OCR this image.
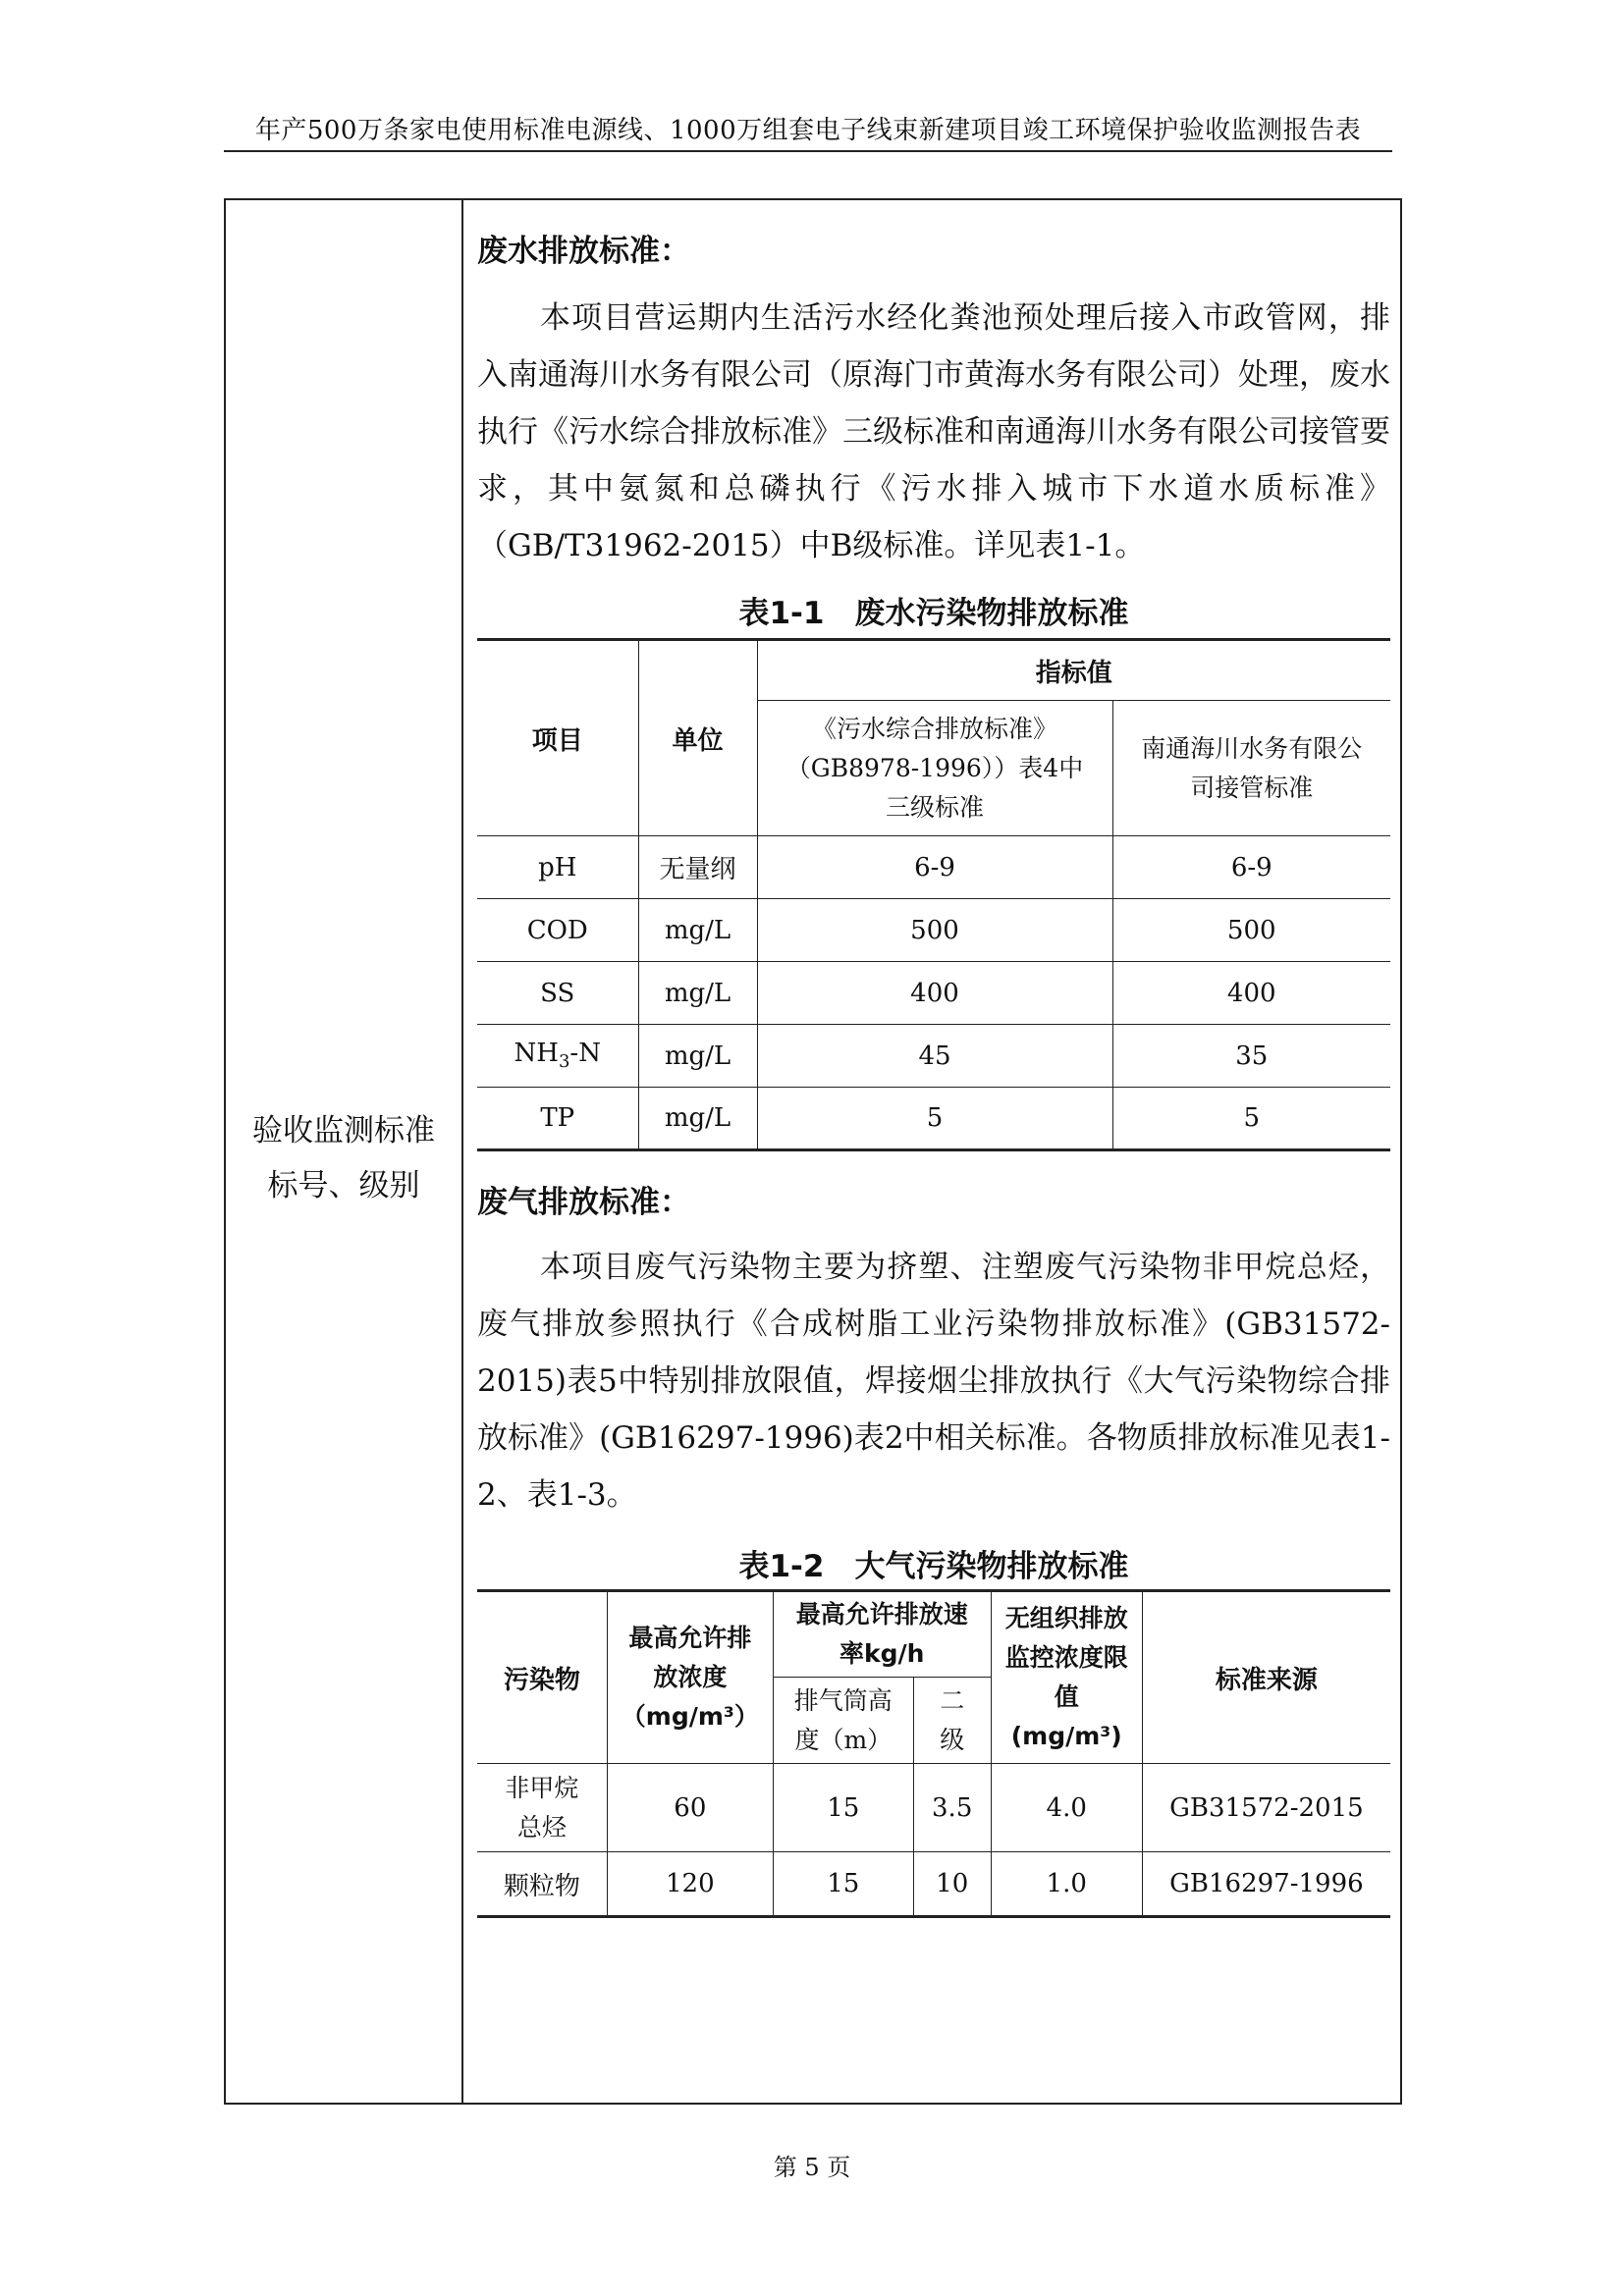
年产500万条家电使用标准电源线、1000万组套电子线束新建项目竣工环境保护验收监测报告表
验收监测标准
标号、级别

废水排放标准：

本项目营运期内生活污水经化粪池预处理后接入市政管网，排入南通海川水务有限公司（原海门市黄海水务有限公司）处理，废水执行《污水综合排放标准》三级标准和南通海川水务有限公司接管要求，其中氨氮和总磷执行《污水排入城市下水道水质标准》（GB/T31962-2015）中B级标准。详见表1-1。

表1-1　废水污染物排放标准
项目	单位	指标值	
		《污水综合排放标准》（GB8978-1996））表4中三级标准	南通海川水务有限公司接管标准
pH	无量纲	6-9	6-9
COD	mg/L	500	500
SS	mg/L	400	400
$NH_3-N$	mg/L	45	35
TP	mg/L	5	5

废气排放标准：

本项目废气污染物主要为挤塑、注塑废气污染物非甲烷总烃，废气排放参照执行《合成树脂工业污染物排放标准》(GB31572-2015)表5中特别排放限值，焊接烟尘排放执行《大气污染物综合排放标准》(GB16297-1996)表2中相关标准。各物质排放标准见表1-2、表1-3。

表1-2　大气污染物排放标准
污染物	最高允许排放浓度（mg/m³）	最高允许排放速率kg/h		无组织排放监控浓度限值(mg/m³)	标准来源
		排气筒高度（m）	二级		
非甲烷总烃	60	15	3.5	4.0	GB31572-2015
颗粒物	120	15	10	1.0	GB16297-1996
第 5 页
